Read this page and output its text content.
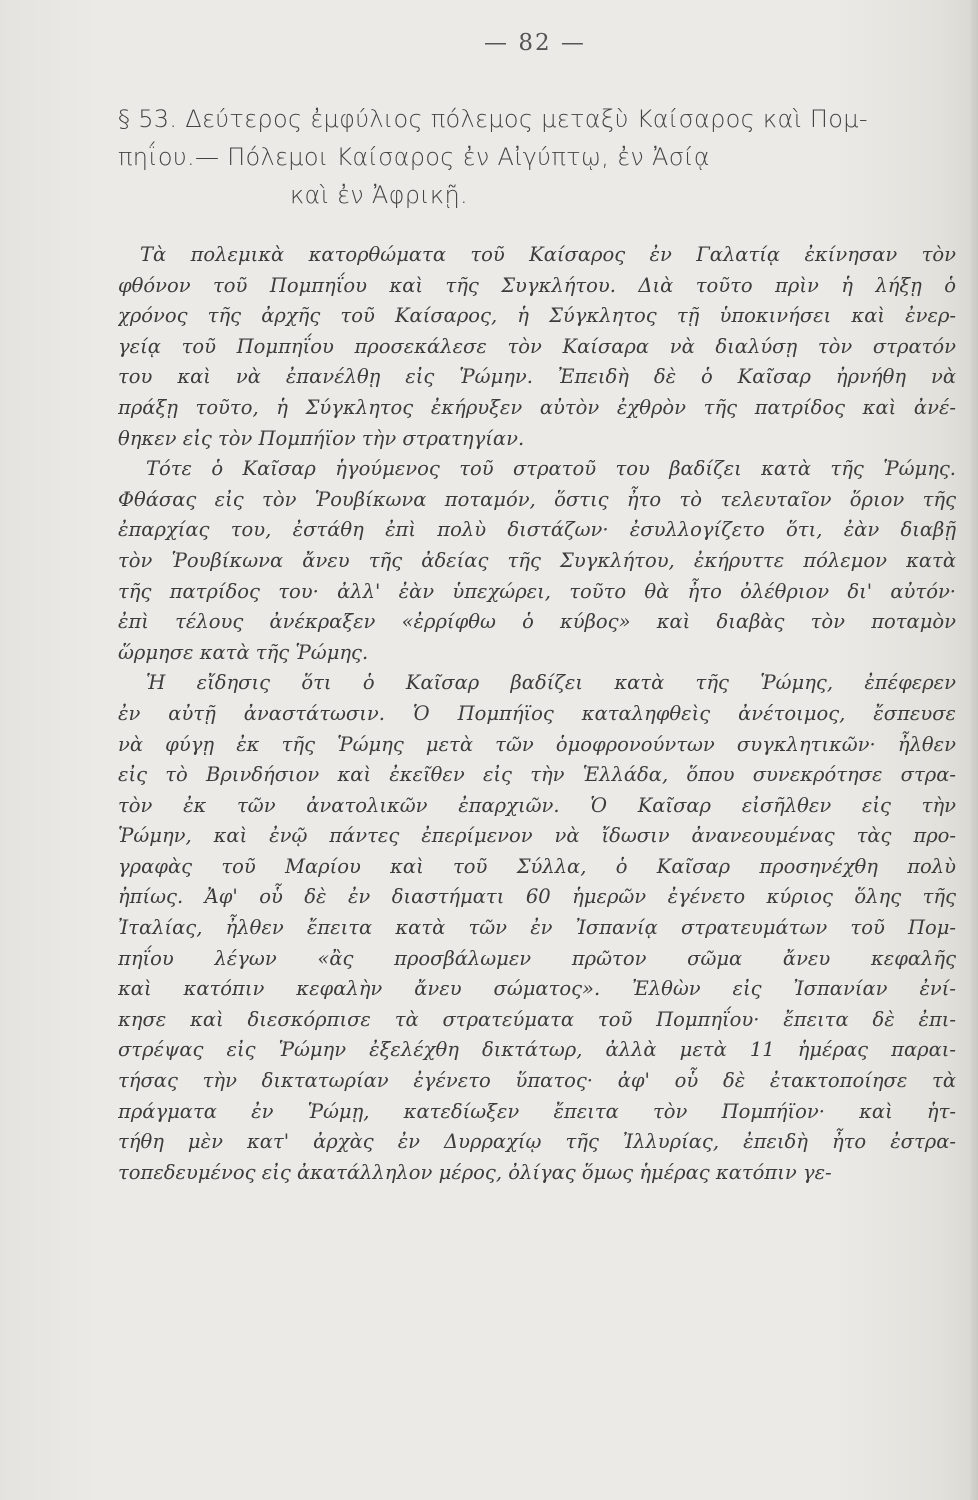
— 82 —
§ 53. Δεύτερος ἐμφύλιος πόλεμος μεταξὺ Καίσαρος καὶ Πομ-
πηΐου.— Πόλεμοι Καίσαρος ἐν Αἰγύπτῳ, ἐν Ἀσίᾳ
καὶ ἐν Ἀφρικῇ.
Τὰ πολεμικὰ κατορθώματα τοῦ Καίσαρος ἐν Γαλατίᾳ ἐκίνησαν τὸν
φθόνον τοῦ Πομπηΐου καὶ τῆς Συγκλήτου. Διὰ τοῦτο πρὶν ἡ λήξῃ ὁ
χρόνος τῆς ἀρχῆς τοῦ Καίσαρος, ἡ Σύγκλητος τῇ ὑποκινήσει καὶ ἐνερ-
γείᾳ τοῦ Πομπηΐου προσεκάλεσε τὸν Καίσαρα νὰ διαλύσῃ τὸν στρατόν
του καὶ νὰ ἐπανέλθῃ εἰς Ῥώμην. Ἐπειδὴ δὲ ὁ Καῖσαρ ἠρνήθη νὰ
πράξῃ τοῦτο, ἡ Σύγκλητος ἐκήρυξεν αὐτὸν ἐχθρὸν τῆς πατρίδος καὶ ἀνέ-
θηκεν εἰς τὸν Πομπήϊον τὴν στρατηγίαν.
Τότε ὁ Καῖσαρ ἡγούμενος τοῦ στρατοῦ του βαδίζει κατὰ τῆς Ῥώμης.
Φθάσας εἰς τὸν Ῥουβίκωνα ποταμόν, ὅστις ἦτο τὸ τελευταῖον ὅριον τῆς
ἐπαρχίας του, ἐστάθη ἐπὶ πολὺ διστάζων· ἐσυλλογίζετο ὅτι, ἐὰν διαβῇ
τὸν Ῥουβίκωνα ἄνευ τῆς ἀδείας τῆς Συγκλήτου, ἐκήρυττε πόλεμον κατὰ
τῆς πατρίδος του· ἀλλ' ἐὰν ὑπεχώρει, τοῦτο θὰ ἦτο ὀλέθριον δι' αὐτόν·
ἐπὶ τέλους ἀνέκραξεν «ἐρρίφθω ὁ κύβος» καὶ διαβὰς τὸν ποταμὸν
ὥρμησε κατὰ τῆς Ῥώμης.
Ἡ εἴδησις ὅτι ὁ Καῖσαρ βαδίζει κατὰ τῆς Ῥώμης, ἐπέφερεν
ἐν αὐτῇ ἀναστάτωσιν. Ὁ Πομπήϊος καταληφθεὶς ἀνέτοιμος, ἔσπευσε
νὰ φύγῃ ἐκ τῆς Ῥώμης μετὰ τῶν ὁμοφρονούντων συγκλητικῶν· ἦλθεν
εἰς τὸ Βρινδήσιον καὶ ἐκεῖθεν εἰς τὴν Ἑλλάδα, ὅπου συνεκρότησε στρα-
τὸν ἐκ τῶν ἀνατολικῶν ἐπαρχιῶν. Ὁ Καῖσαρ εἰσῆλθεν εἰς τὴν
Ῥώμην, καὶ ἐνῷ πάντες ἐπερίμενον νὰ ἴδωσιν ἀνανεουμένας τὰς προ-
γραφὰς τοῦ Μαρίου καὶ τοῦ Σύλλα, ὁ Καῖσαρ προσηνέχθη πολὺ
ἠπίως. Ἀφ' οὗ δὲ ἐν διαστήματι 60 ἡμερῶν ἐγένετο κύριος ὅλης τῆς
Ἰταλίας, ἦλθεν ἔπειτα κατὰ τῶν ἐν Ἰσπανίᾳ στρατευμάτων τοῦ Πομ-
πηΐου λέγων «ἂς προσβάλωμεν πρῶτον σῶμα ἄνευ κεφαλῆς
καὶ κατόπιν κεφαλὴν ἄνευ σώματος». Ἐλθὼν εἰς Ἰσπανίαν ἐνί-
κησε καὶ διεσκόρπισε τὰ στρατεύματα τοῦ Πομπηΐου· ἔπειτα δὲ ἐπι-
στρέψας εἰς Ῥώμην ἐξελέχθη δικτάτωρ, ἀλλὰ μετὰ 11 ἡμέρας παραι-
τήσας τὴν δικτατωρίαν ἐγένετο ὕπατος· ἀφ' οὗ δὲ ἐτακτοποίησε τὰ
πράγματα ἐν Ῥώμῃ, κατεδίωξεν ἔπειτα τὸν Πομπήϊον· καὶ ἡτ-
τήθη μὲν κατ' ἀρχὰς ἐν Δυρραχίῳ τῆς Ἰλλυρίας, ἐπειδὴ ἦτο ἐστρα-
τοπεδευμένος εἰς ἀκατάλληλον μέρος, ὀλίγας ὅμως ἡμέρας κατόπιν γε-
